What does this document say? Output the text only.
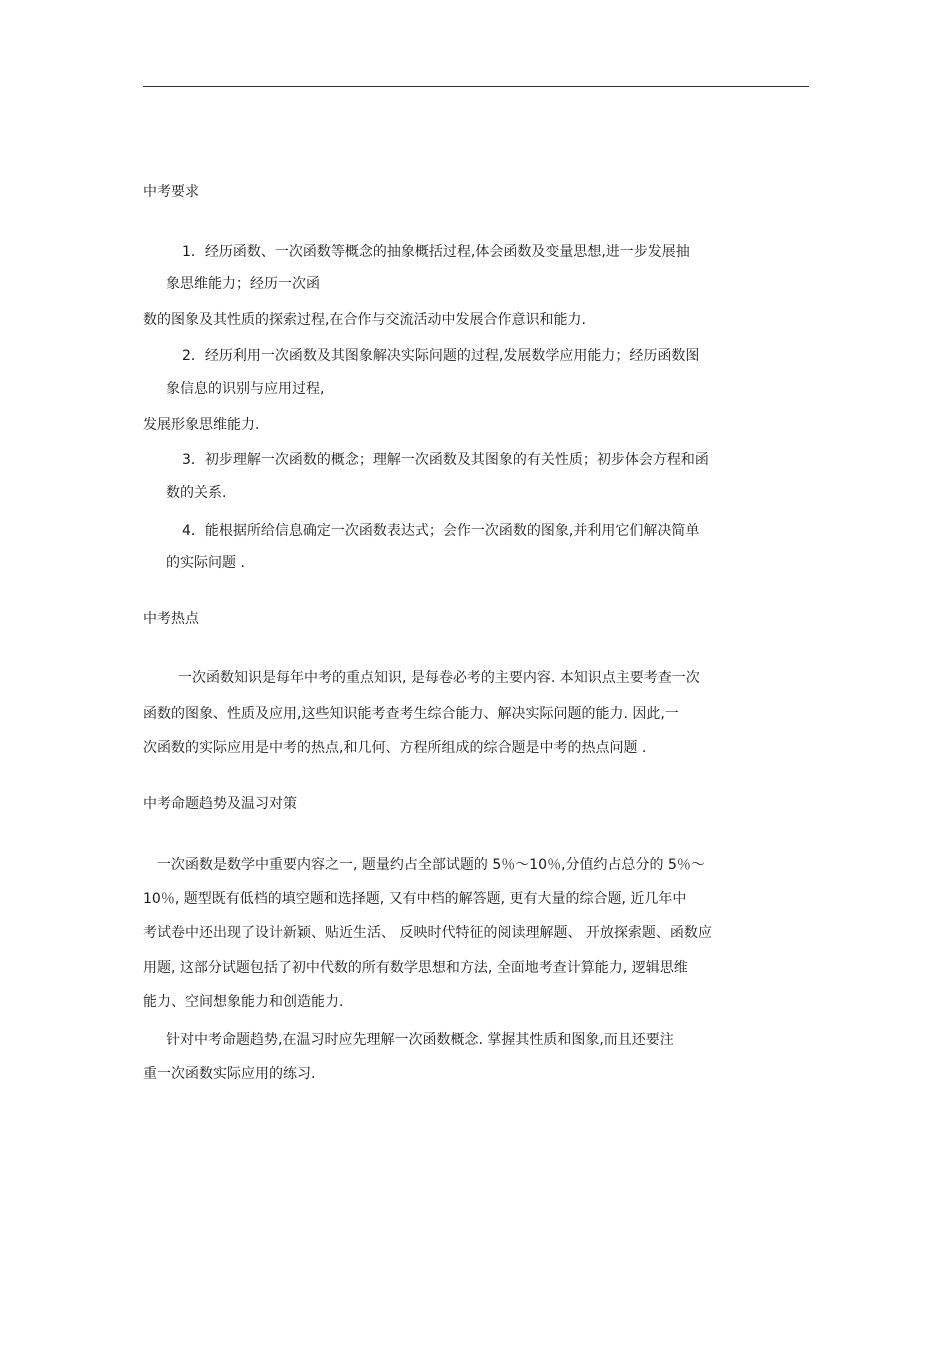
中考要求
1．经历函数、一次函数等概念的抽象概括过程,体会函数及变量思想,进一步发展抽
象思维能力；经历一次函
数的图象及其性质的探索过程,在合作与交流活动中发展合作意识和能力.
2．经历利用一次函数及其图象解决实际问题的过程,发展数学应用能力；经历函数图
象信息的识别与应用过程,
发展形象思维能力.
3．初步理解一次函数的概念；理解一次函数及其图象的有关性质；初步体会方程和函
数的关系.
4．能根据所给信息确定一次函数表达式；会作一次函数的图象,并利用它们解决简单
的实际问题 .
中考热点
一次函数知识是每年中考的重点知识, 是每卷必考的主要内容. 本知识点主要考查一次
函数的图象、性质及应用,这些知识能考查考生综合能力、解决实际问题的能力. 因此,一
次函数的实际应用是中考的热点,和几何、方程所组成的综合题是中考的热点问题 .
中考命题趋势及温习对策
一次函数是数学中重要内容之一, 题量约占全部试题的 5％～10％,分值约占总分的 5％～
10％, 题型既有低档的填空题和选择题, 又有中档的解答题, 更有大量的综合题, 近几年中
考试卷中还出现了设计新颖、贴近生活、 反映时代特征的阅读理解题、 开放探索题、函数应
用题, 这部分试题包括了初中代数的所有数学思想和方法, 全面地考查计算能力, 逻辑思维
能力、空间想象能力和创造能力.
针对中考命题趋势,在温习时应先理解一次函数概念. 掌握其性质和图象,而且还要注
重一次函数实际应用的练习.
